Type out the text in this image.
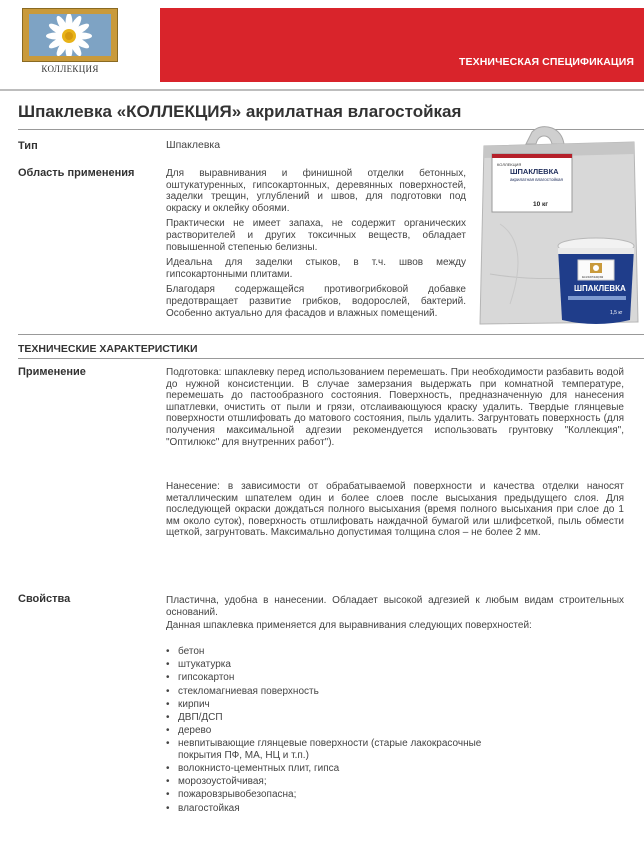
ТЕХНИЧЕСКАЯ СПЕЦИФИКАЦИЯ
КОЛЛЕКЦИЯ
Шпаклевка «КОЛЛЕКЦИЯ» акрилатная влагостойкая
Тип	Шпаклевка
Область применения	Для выравнивания и финишной отделки бетонных, оштукатуренных, гипсокартонных, деревянных поверхностей, заделки трещин, углублений и швов, для подготовки под окраску и оклейку обоями.

Практически не имеет запаха, не содержит органических растворителей и других токсичных веществ, обладает повышенной степенью белизны.

Идеальна для заделки стыков, в т.ч. швов между гипсокартонными плитами.

Благодаря содержащейся противогрибковой добавке предотвращает развитие грибков, водорослей, бактерий. Особенно актуально для фасадов и влажных помещений.

КОЛЛЕКЦИЯ
ШПАКЛЕВКА
акрилатная влагостойкая
10 кг
КОЛЛЕКЦИЯ
ШПАКЛЕВКА
1,5 кг
ТЕХНИЧЕСКИЕ ХАРАКТЕРИСТИКИ
Применение	Подготовка: шпаклевку перед использованием перемешать. При необходимости разбавить водой до нужной консистенции. В случае замерзания выдержать при комнатной температуре, перемешать до пастообразного состояния. Поверхность, предназначенную для нанесения шпатлевки, очистить от пыли и грязи, отслаивающуюся краску удалить. Твердые глянцевые поверхности отшлифовать до матового состояния, пыль удалить. Загрунтовать поверхность (для получения максимальной адгезии рекомендуется использовать грунтовку "Коллекция", "Оптилюкс" для внутренних работ").
Нанесение: в зависимости от обрабатываемой поверхности и качества отделки наносят металлическим шпателем один и более слоев после высыхания предыдущего слоя. Для последующей окраски дождаться полного высыхания (время полного высыхания при слое до 1 мм около суток), поверхность отшлифовать наждачной бумагой или шлифсеткой, пыль обмести щеткой, загрунтовать. Максимально допустимая толщина слоя – не более 2 мм.
Свойства	Пластична, удобна в нанесении. Обладает высокой адгезией к любым видам строительных оснований.
Данная шпаклевка применяется для выравнивания следующих поверхностей:
• бетон
• штукатурка
• гипсокартон
• стекломагниевая поверхность
• кирпич
• ДВП/ДСП
• дерево
• невпитывающие глянцевые поверхности (старые лакокрасочные покрытия ПФ, МА, НЦ и т.п.)
• волокнисто-цементных плит, гипса
• морозоустойчивая;
• пожаровзрывобезопасна;
• влагостойкая
